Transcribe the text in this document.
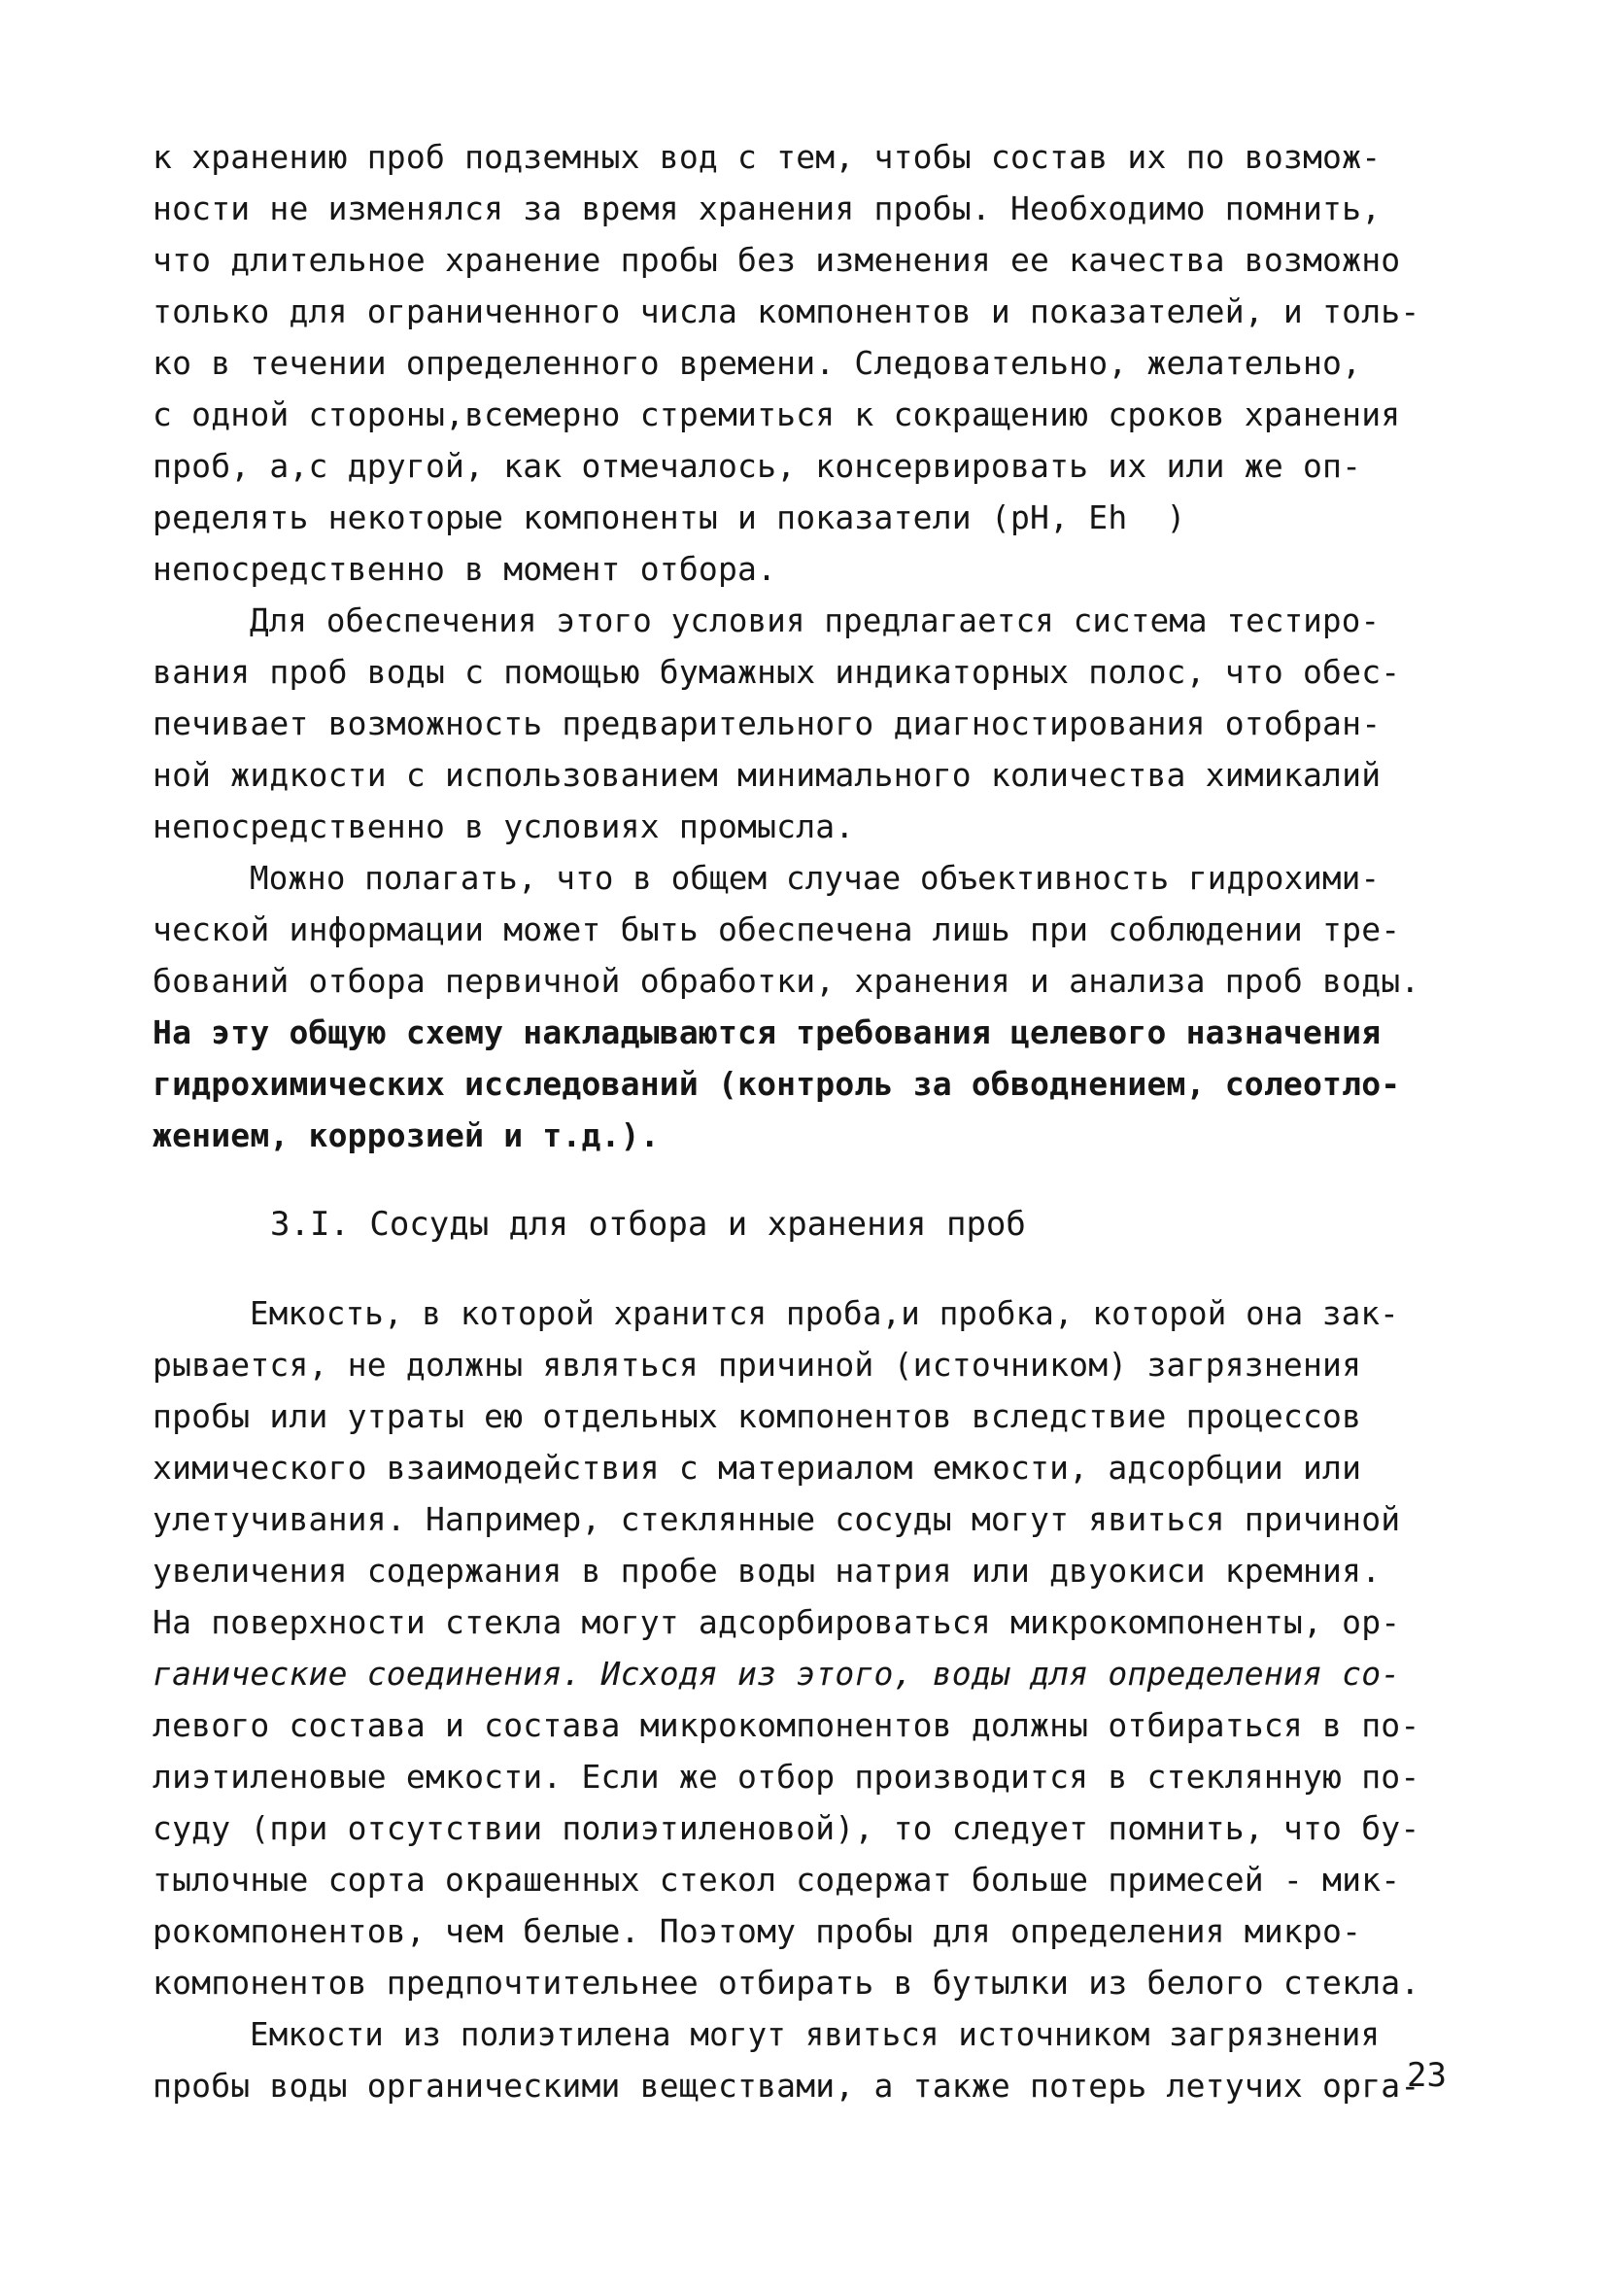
к хранению проб подземных вод с тем, чтобы состав их по возмож-
ности не изменялся за время хранения пробы. Необходимо помнить,
что длительное хранение пробы без изменения ее качества возможно
только для ограниченного числа компонентов и показателей, и толь-
ко в течении определенного времени. Следовательно, желательно,
с одной стороны,всемерно стремиться к сокращению сроков хранения
проб, а,с другой, как отмечалось, консервировать их или же оп-
ределять некоторые компоненты и показатели (рН, Eh  )
непосредственно в момент отбора.
Для обеспечения этого условия предлагается система тестиро-
вания проб воды с помощью бумажных индикаторных полос, что обес-
печивает возможность предварительного диагностирования отобран-
ной жидкости с использованием минимального количества химикалий
непосредственно в условиях промысла.
Можно полагать, что в общем случае объективность гидрохими-
ческой информации может быть обеспечена лишь при соблюдении тре-
бований отбора первичной обработки, хранения и анализа проб воды.
На эту общую схему накладываются требования целевого назначения
гидрохимических исследований (контроль за обводнением, солеотло-
жением, коррозией и т.д.).
3.I. Сосуды для отбора и хранения проб
Емкость, в которой хранится проба,и пробка, которой она зак-
рывается, не должны являться причиной (источником) загрязнения
пробы или утраты ею отдельных компонентов вследствие процессов
химического взаимодействия с материалом емкости, адсорбции или
улетучивания. Например, стеклянные сосуды могут явиться причиной
увеличения содержания в пробе воды натрия или двуокиси кремния.
На поверхности стекла могут адсорбироваться микрокомпоненты, ор-
ганические соединения. Исходя из этого, воды для определения со-
левого состава и состава микрокомпонентов должны отбираться в по-
лиэтиленовые емкости. Если же отбор производится в стеклянную по-
суду (при отсутствии полиэтиленовой), то следует помнить, что бу-
тылочные сорта окрашенных стекол содержат больше примесей - мик-
рокомпонентов, чем белые. Поэтому пробы для определения микро-
компонентов предпочтительнее отбирать в бутылки из белого стекла.
Емкости из полиэтилена могут явиться источником загрязнения
пробы воды органическими веществами, а также потерь летучих орга-
23
